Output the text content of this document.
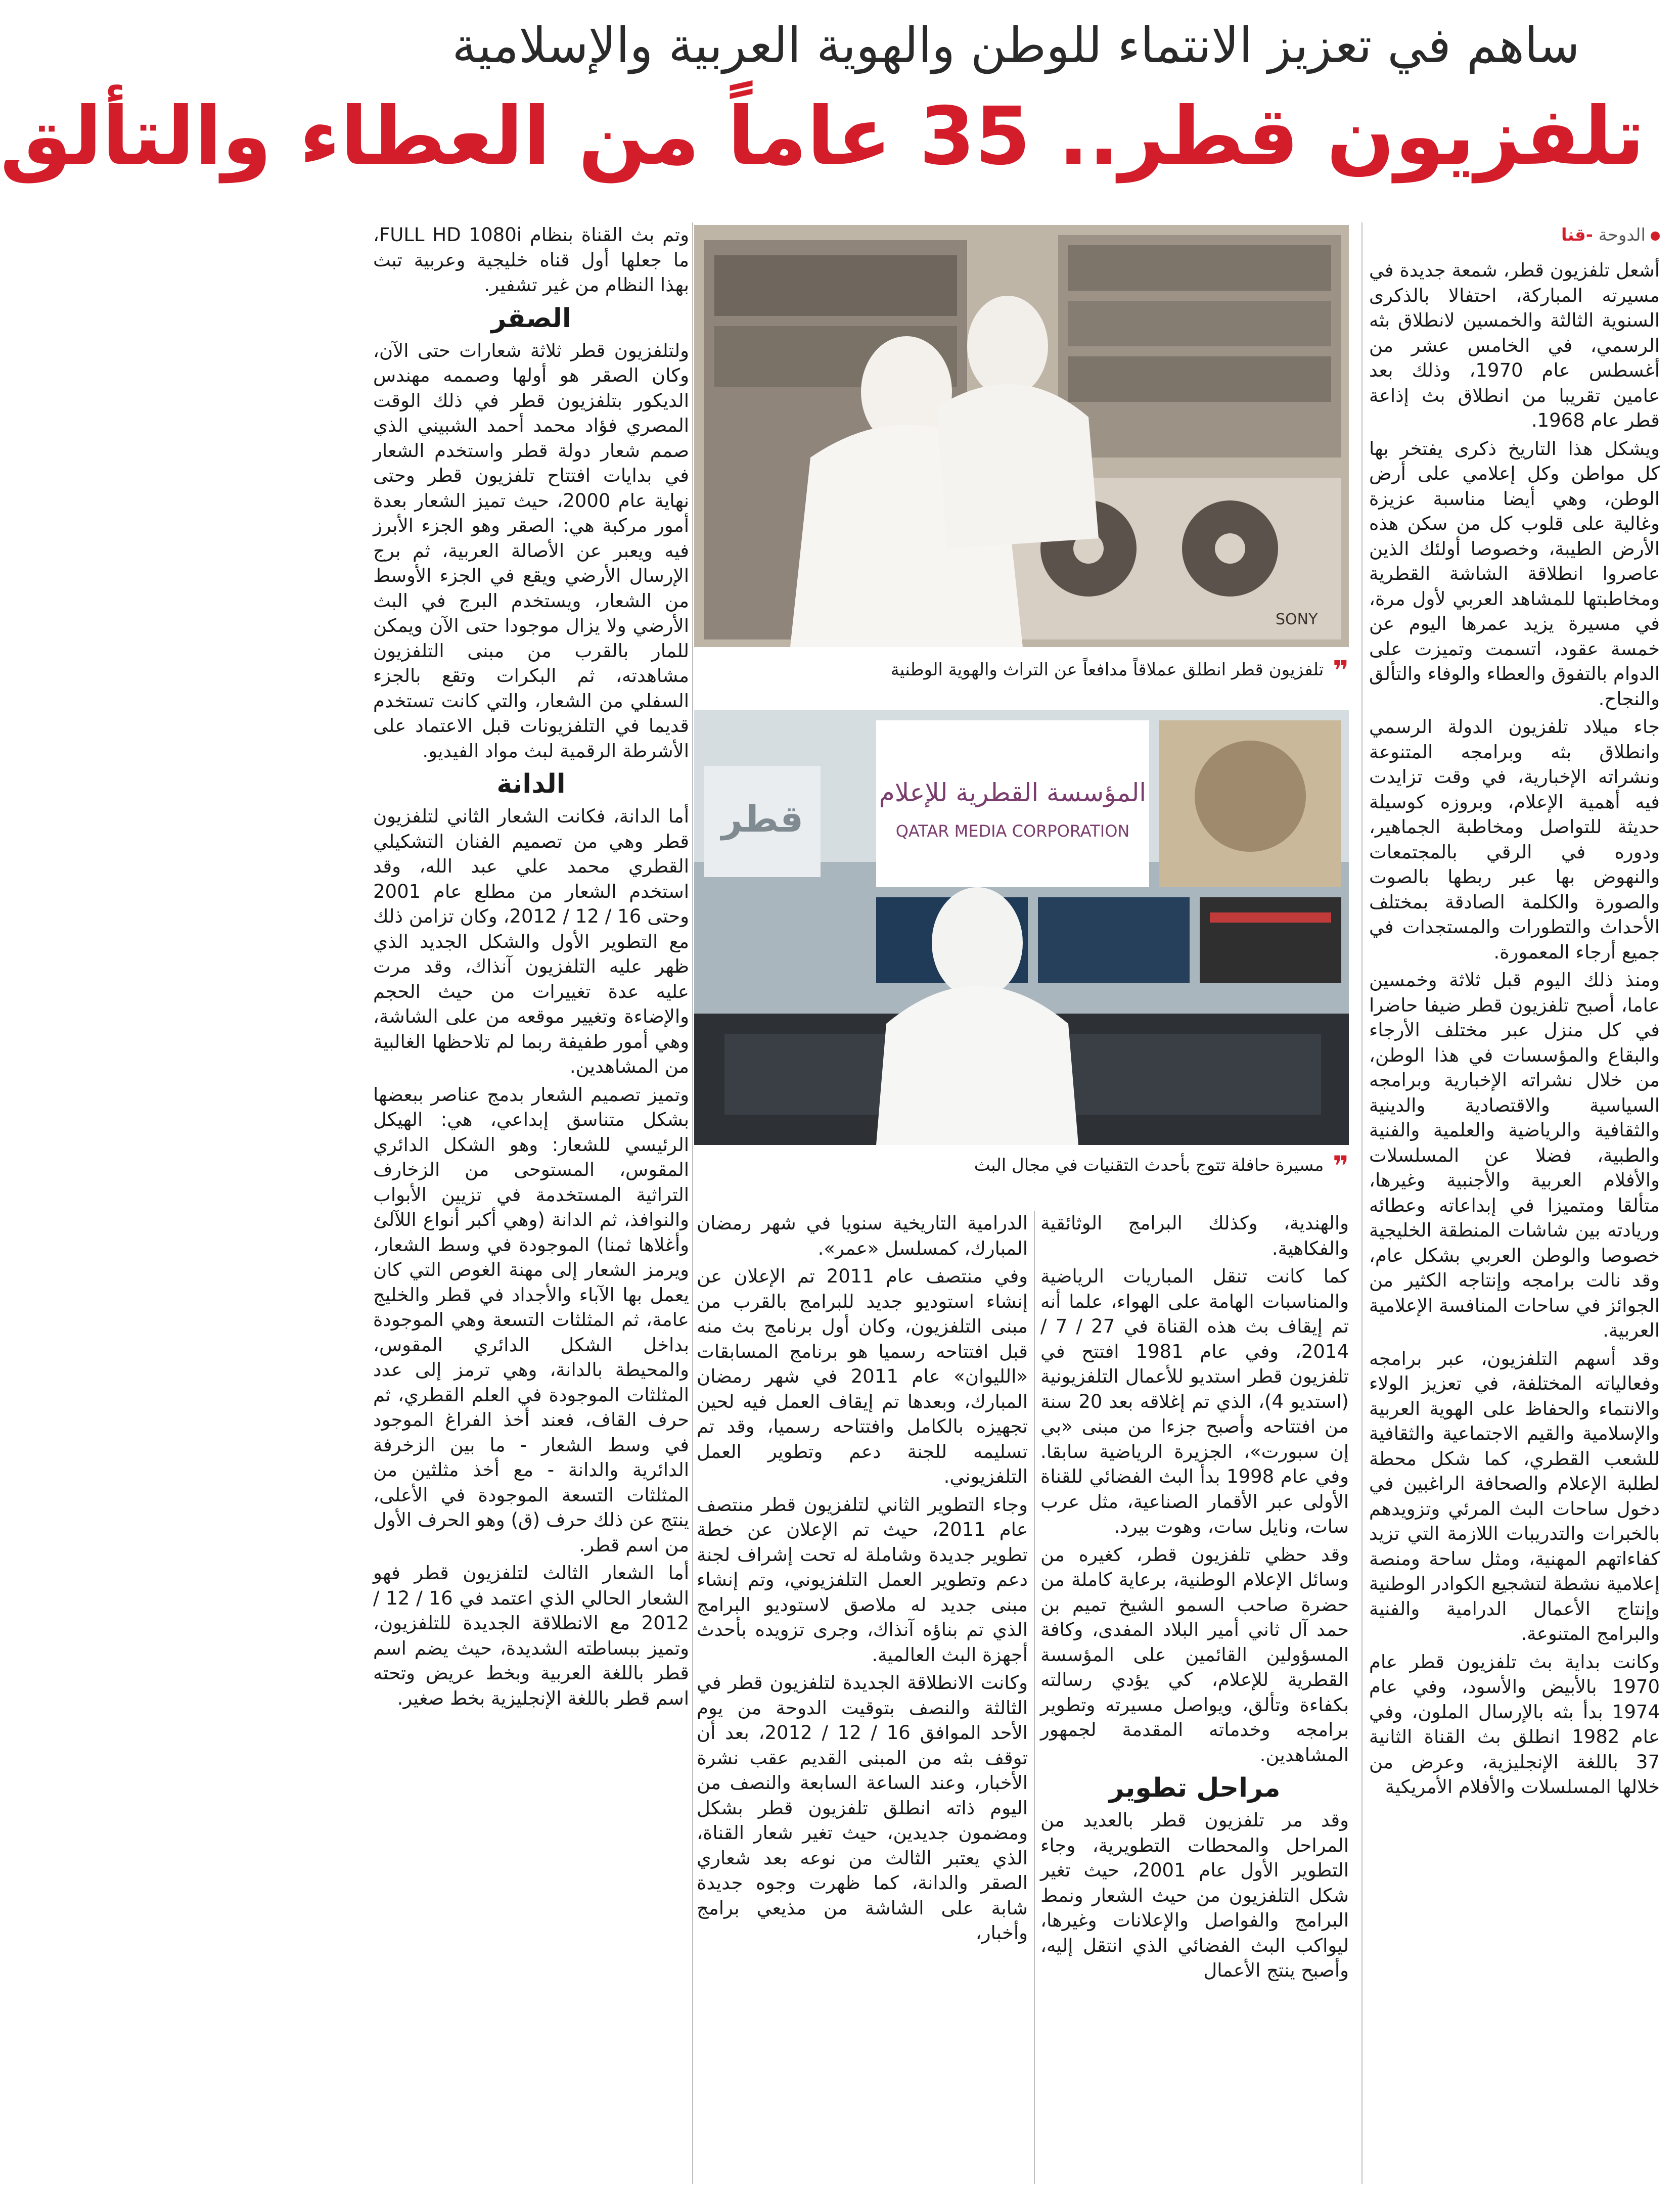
ساهم في تعزيز الانتماء للوطن والهوية العربية والإسلامية
تلفزيون قطر.. 35 عاماً من العطاء والتألق
الدوحة -قنا

أشعل تلفزيون قطر، شمعة جديدة في مسيرته المباركة، احتفالا بالذكرى السنوية الثالثة والخمسين لانطلاق بثه الرسمي، في الخامس عشر من أغسطس عام 1970، وذلك بعد عامين تقريبا من انطلاق بث إذاعة قطر عام 1968.

ويشكل هذا التاريخ ذكرى يفتخر بها كل مواطن وكل إعلامي على أرض الوطن، وهي أيضا مناسبة عزيزة وغالية على قلوب كل من سكن هذه الأرض الطيبة، وخصوصا أولئك الذين عاصروا انطلاقة الشاشة القطرية ومخاطبتها للمشاهد العربي لأول مرة، في مسيرة يزيد عمرها اليوم عن خمسة عقود، اتسمت وتميزت على الدوام بالتفوق والعطاء والوفاء والتألق والنجاح.

جاء ميلاد تلفزيون الدولة الرسمي وانطلاق بثه وبرامجه المتنوعة ونشراته الإخبارية، في وقت تزايدت فيه أهمية الإعلام، وبروزه كوسيلة حديثة للتواصل ومخاطبة الجماهير، ودوره في الرقي بالمجتمعات والنهوض بها عبر ربطها بالصوت والصورة والكلمة الصادقة بمختلف الأحداث والتطورات والمستجدات في جميع أرجاء المعمورة.

ومنذ ذلك اليوم قبل ثلاثة وخمسين عاما، أصبح تلفزيون قطر ضيفا حاضرا في كل منزل عبر مختلف الأرجاء والبقاع والمؤسسات في هذا الوطن، من خلال نشراته الإخبارية وبرامجه السياسية والاقتصادية والدينية والثقافية والرياضية والعلمية والفنية والطبية، فضلا عن المسلسلات والأفلام العربية والأجنبية وغيرها، متألقا ومتميزا في إبداعاته وعطائه وريادته بين شاشات المنطقة الخليجية خصوصا والوطن العربي بشكل عام، وقد نالت برامجه وإنتاجه الكثير من الجوائز في ساحات المنافسة الإعلامية العربية.

وقد أسهم التلفزيون، عبر برامجه وفعالياته المختلفة، في تعزيز الولاء والانتماء والحفاظ على الهوية العربية والإسلامية والقيم الاجتماعية والثقافية للشعب القطري، كما شكل محطة لطلبة الإعلام والصحافة الراغبين في دخول ساحات البث المرئي وتزويدهم بالخبرات والتدريبات اللازمة التي تزيد كفاءاتهم المهنية، ومثل ساحة ومنصة إعلامية نشطة لتشجيع الكوادر الوطنية وإنتاج الأعمال الدرامية والفنية والبرامج المتنوعة.

وكانت بداية بث تلفزيون قطر عام 1970 بالأبيض والأسود، وفي عام 1974 بدأ بثه بالإرسال الملون، وفي عام 1982 انطلق بث القناة الثانية 37 باللغة الإنجليزية، وعرض من خلالها المسلسلات والأفلام الأمريكية

SONY
❞تلفزيون قطر انطلق عملاقاً مدافعاً عن التراث والهوية الوطنية
قطر
المؤسسة القطرية للإعلام
QATAR MEDIA CORPORATION
❞مسيرة حافلة تتوج بأحدث التقنيات في مجال البث

والهندية، وكذلك البرامج الوثائقية والفكاهية.

كما كانت تنقل المباريات الرياضية والمناسبات الهامة على الهواء، علما أنه تم إيقاف بث هذه القناة في 27 / 7 / 2014، وفي عام 1981 افتتح في تلفزيون قطر استديو للأعمال التلفزيونية (استديو 4)، الذي تم إغلاقه بعد 20 سنة من افتتاحه وأصبح جزءا من مبنى «بي إن سبورت»، الجزيرة الرياضية سابقا. وفي عام 1998 بدأ البث الفضائي للقناة الأولى عبر الأقمار الصناعية، مثل عرب سات، ونايل سات، وهوت بيرد.

وقد حظي تلفزيون قطر، كغيره من وسائل الإعلام الوطنية، برعاية كاملة من حضرة صاحب السمو الشيخ تميم بن حمد آل ثاني أمير البلاد المفدى، وكافة المسؤولين القائمين على المؤسسة القطرية للإعلام، كي يؤدي رسالته بكفاءة وتألق، ويواصل مسيرته وتطوير برامجه وخدماته المقدمة لجمهور المشاهدين.

مراحل تطوير

وقد مر تلفزيون قطر بالعديد من المراحل والمحطات التطويرية، وجاء التطوير الأول عام 2001، حيث تغير شكل التلفزيون من حيث الشعار ونمط البرامج والفواصل والإعلانات وغيرها، ليواكب البث الفضائي الذي انتقل إليه، وأصبح ينتج الأعمال

الدرامية التاريخية سنويا في شهر رمضان المبارك، كمسلسل «عمر».

وفي منتصف عام 2011 تم الإعلان عن إنشاء استوديو جديد للبرامج بالقرب من مبنى التلفزيون، وكان أول برنامج بث منه قبل افتتاحه رسميا هو برنامج المسابقات «الليوان» عام 2011 في شهر رمضان المبارك، وبعدها تم إيقاف العمل فيه لحين تجهيزه بالكامل وافتتاحه رسميا، وقد تم تسليمه للجنة دعم وتطوير العمل التلفزيوني.

وجاء التطوير الثاني لتلفزيون قطر منتصف عام 2011، حيث تم الإعلان عن خطة تطوير جديدة وشاملة له تحت إشراف لجنة دعم وتطوير العمل التلفزيوني، وتم إنشاء مبنى جديد له ملاصق لاستوديو البرامج الذي تم بناؤه آنذاك، وجرى تزويده بأحدث أجهزة البث العالمية.

وكانت الانطلاقة الجديدة لتلفزيون قطر في الثالثة والنصف بتوقيت الدوحة من يوم الأحد الموافق 16 / 12 / 2012، بعد أن توقف بثه من المبنى القديم عقب نشرة الأخبار، وعند الساعة السابعة والنصف من اليوم ذاته انطلق تلفزيون قطر بشكل ومضمون جديدين، حيث تغير شعار القناة، الذي يعتبر الثالث من نوعه بعد شعاري الصقر والدانة، كما ظهرت وجوه جديدة شابة على الشاشة من مذيعي برامج وأخبار،

وتم بث القناة بنظام FULL HD 1080i، ما جعلها أول قناه خليجية وعربية تبث بهذا النظام من غير تشفير.

الصقر

ولتلفزيون قطر ثلاثة شعارات حتى الآن، وكان الصقر هو أولها وصممه مهندس الديكور بتلفزيون قطر في ذلك الوقت المصري فؤاد محمد أحمد الشبيني الذي صمم شعار دولة قطر واستخدم الشعار في بدايات افتتاح تلفزيون قطر وحتى نهاية عام 2000، حيث تميز الشعار بعدة أمور مركبة هي: الصقر وهو الجزء الأبرز فيه ويعبر عن الأصالة العربية، ثم برج الإرسال الأرضي ويقع في الجزء الأوسط من الشعار، ويستخدم البرج في البث الأرضي ولا يزال موجودا حتى الآن ويمكن للمار بالقرب من مبنى التلفزيون مشاهدته، ثم البكرات وتقع بالجزء السفلي من الشعار، والتي كانت تستخدم قديما في التلفزيونات قبل الاعتماد على الأشرطة الرقمية لبث مواد الفيديو.

الدانة

أما الدانة، فكانت الشعار الثاني لتلفزيون قطر وهي من تصميم الفنان التشكيلي القطري محمد علي عبد الله، وقد استخدم الشعار من مطلع عام 2001 وحتى 16 / 12 / 2012، وكان تزامن ذلك مع التطوير الأول والشكل الجديد الذي ظهر عليه التلفزيون آنذاك، وقد مرت عليه عدة تغييرات من حيث الحجم والإضاءة وتغيير موقعه من على الشاشة، وهي أمور طفيفة ربما لم تلاحظها الغالبية من المشاهدين.

وتميز تصميم الشعار بدمج عناصر ببعضها بشكل متناسق إبداعي، هي: الهيكل الرئيسي للشعار: وهو الشكل الدائري المقوس، المستوحى من الزخارف التراثية المستخدمة في تزيين الأبواب والنوافذ، ثم الدانة (وهي أكبر أنواع اللآلئ وأغلاها ثمنا) الموجودة في وسط الشعار، ويرمز الشعار إلى مهنة الغوص التي كان يعمل بها الآباء والأجداد في قطر والخليج عامة، ثم المثلثات التسعة وهي الموجودة بداخل الشكل الدائري المقوس، والمحيطة بالدانة، وهي ترمز إلى عدد المثلثات الموجودة في العلم القطري، ثم حرف القاف، فعند أخذ الفراغ الموجود في وسط الشعار - ما بين الزخرفة الدائرية والدانة - مع أخذ مثلثين من المثلثات التسعة الموجودة في الأعلى، ينتج عن ذلك حرف (ق) وهو الحرف الأول من اسم قطر.

أما الشعار الثالث لتلفزيون قطر فهو الشعار الحالي الذي اعتمد في 16 / 12 / 2012 مع الانطلاقة الجديدة للتلفزيون، وتميز ببساطته الشديدة، حيث يضم اسم قطر باللغة العربية وبخط عريض وتحته اسم قطر باللغة الإنجليزية بخط صغير.
